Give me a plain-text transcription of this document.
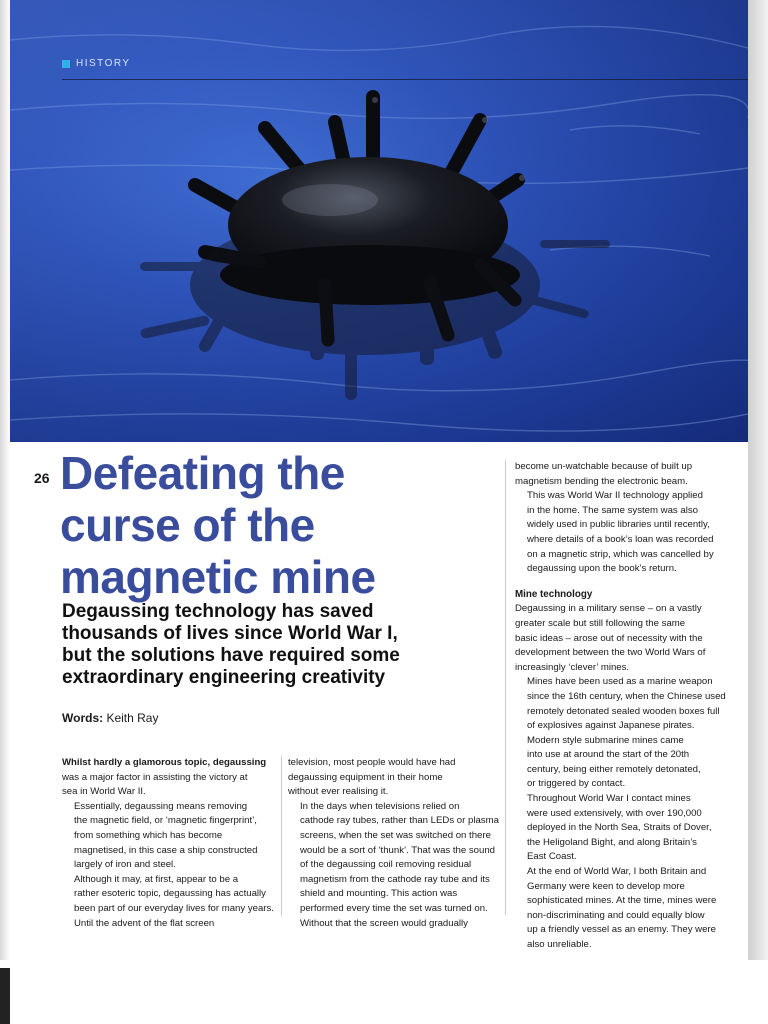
HISTORY
26 Defeating the
curse of the
magnetic mine
Degaussing technology has saved
thousands of lives since World War I,
but the solutions have required some
extraordinary engineering creativity
Words: Keith Ray

Whilst hardly a glamorous topic, degaussing
was a major factor in assisting the victory at
sea in World War II.

Essentially, degaussing means removing
the magnetic field, or ‘magnetic fingerprint’,
from something which has become
magnetised, in this case a ship constructed
largely of iron and steel.

Although it may, at first, appear to be a
rather esoteric topic, degaussing has actually
been part of our everyday lives for many years.

Until the advent of the flat screen

television, most people would have had
degaussing equipment in their home
without ever realising it.

In the days when televisions relied on
cathode ray tubes, rather than LEDs or plasma
screens, when the set was switched on there
would be a sort of ‘thunk’. That was the sound
of the degaussing coil removing residual
magnetism from the cathode ray tube and its
shield and mounting. This action was
performed every time the set was turned on.

Without that the screen would gradually

become un-watchable because of built up
magnetism bending the electronic beam.

This was World War II technology applied
in the home. The same system was also
widely used in public libraries until recently,
where details of a book’s loan was recorded
on a magnetic strip, which was cancelled by
degaussing upon the book’s return.

Mine technology

Degaussing in a military sense – on a vastly
greater scale but still following the same
basic ideas – arose out of necessity with the
development between the two World Wars of
increasingly ‘clever’ mines.

Mines have been used as a marine weapon
since the 16th century, when the Chinese used
remotely detonated sealed wooden boxes full
of explosives against Japanese pirates.

Modern style submarine mines came
into use at around the start of the 20th
century, being either remotely detonated,
or triggered by contact.

Throughout World War I contact mines
were used extensively, with over 190,000
deployed in the North Sea, Straits of Dover,
the Heligoland Bight, and along Britain’s
East Coast.

At the end of World War, I both Britain and
Germany were keen to develop more
sophisticated mines. At the time, mines were
non-discriminating and could equally blow
up a friendly vessel as an enemy. They were
also unreliable.
